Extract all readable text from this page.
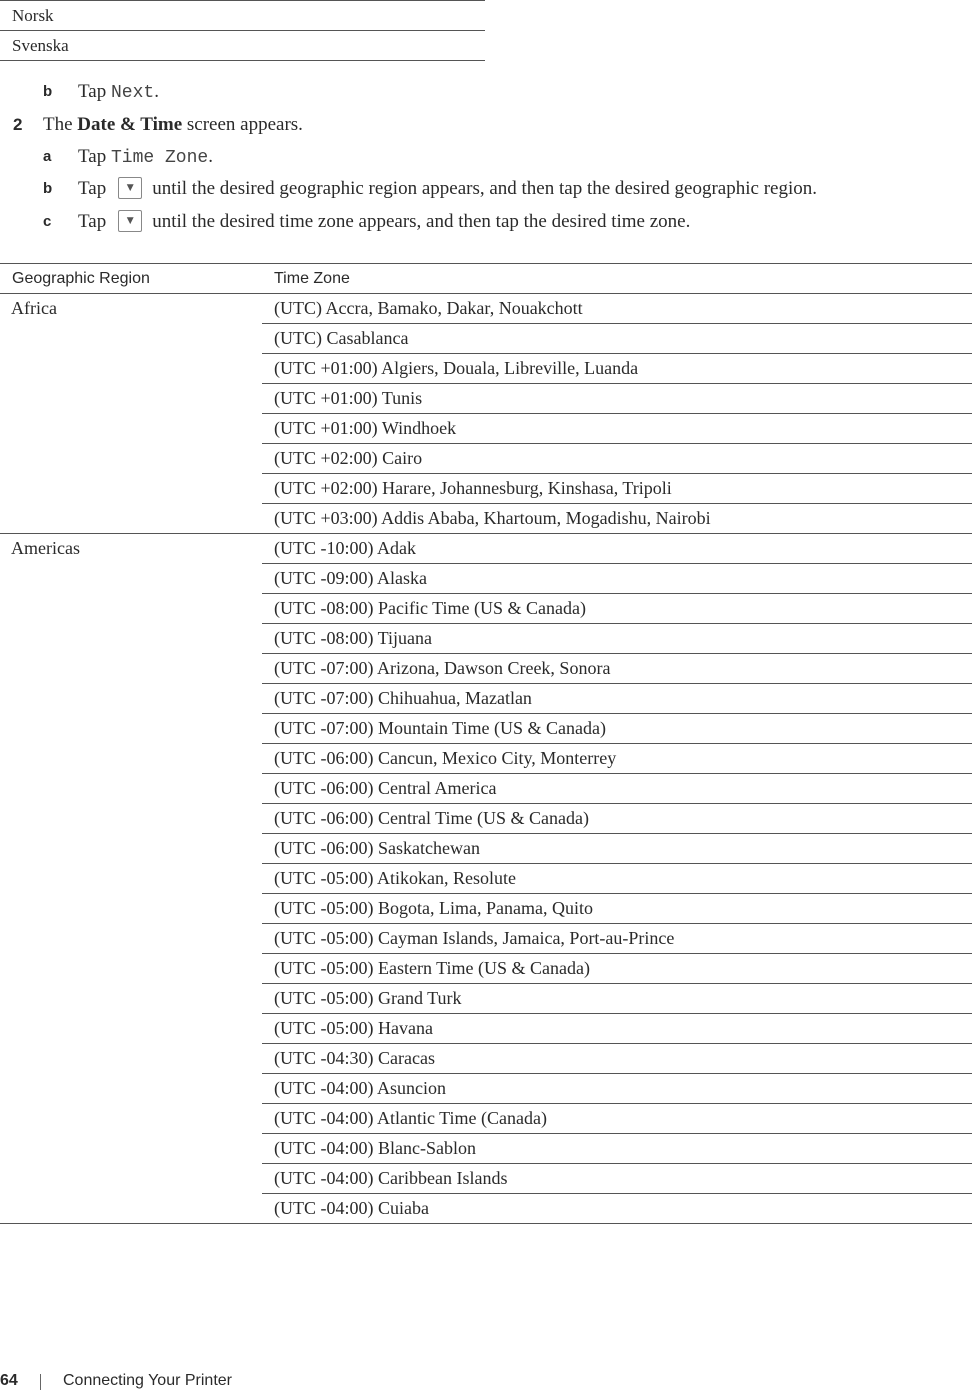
Norsk
Svenska
b Tap Next.
2 The Date & Time screen appears.
a Tap Time Zone.
b Tap ▼ until the desired geographic region appears, and then tap the desired geographic region.
c Tap ▼ until the desired time zone appears, and then tap the desired time zone.
Geographic Region	Time Zone
Africa	(UTC) Accra, Bamako, Dakar, Nouakchott
	(UTC) Casablanca
	(UTC +01:00) Algiers, Douala, Libreville, Luanda
	(UTC +01:00) Tunis
	(UTC +01:00) Windhoek
	(UTC +02:00) Cairo
	(UTC +02:00) Harare, Johannesburg, Kinshasa, Tripoli
	(UTC +03:00) Addis Ababa, Khartoum, Mogadishu, Nairobi
Americas	(UTC -10:00) Adak
	(UTC -09:00) Alaska
	(UTC -08:00) Pacific Time (US & Canada)
	(UTC -08:00) Tijuana
	(UTC -07:00) Arizona, Dawson Creek, Sonora
	(UTC -07:00) Chihuahua, Mazatlan
	(UTC -07:00) Mountain Time (US & Canada)
	(UTC -06:00) Cancun, Mexico City, Monterrey
	(UTC -06:00) Central America
	(UTC -06:00) Central Time (US & Canada)
	(UTC -06:00) Saskatchewan
	(UTC -05:00) Atikokan, Resolute
	(UTC -05:00) Bogota, Lima, Panama, Quito
	(UTC -05:00) Cayman Islands, Jamaica, Port-au-Prince
	(UTC -05:00) Eastern Time (US & Canada)
	(UTC -05:00) Grand Turk
	(UTC -05:00) Havana
	(UTC -04:30) Caracas
	(UTC -04:00) Asuncion
	(UTC -04:00) Atlantic Time (Canada)
	(UTC -04:00) Blanc-Sablon
	(UTC -04:00) Caribbean Islands
	(UTC -04:00) Cuiaba
64	Connecting Your Printer
